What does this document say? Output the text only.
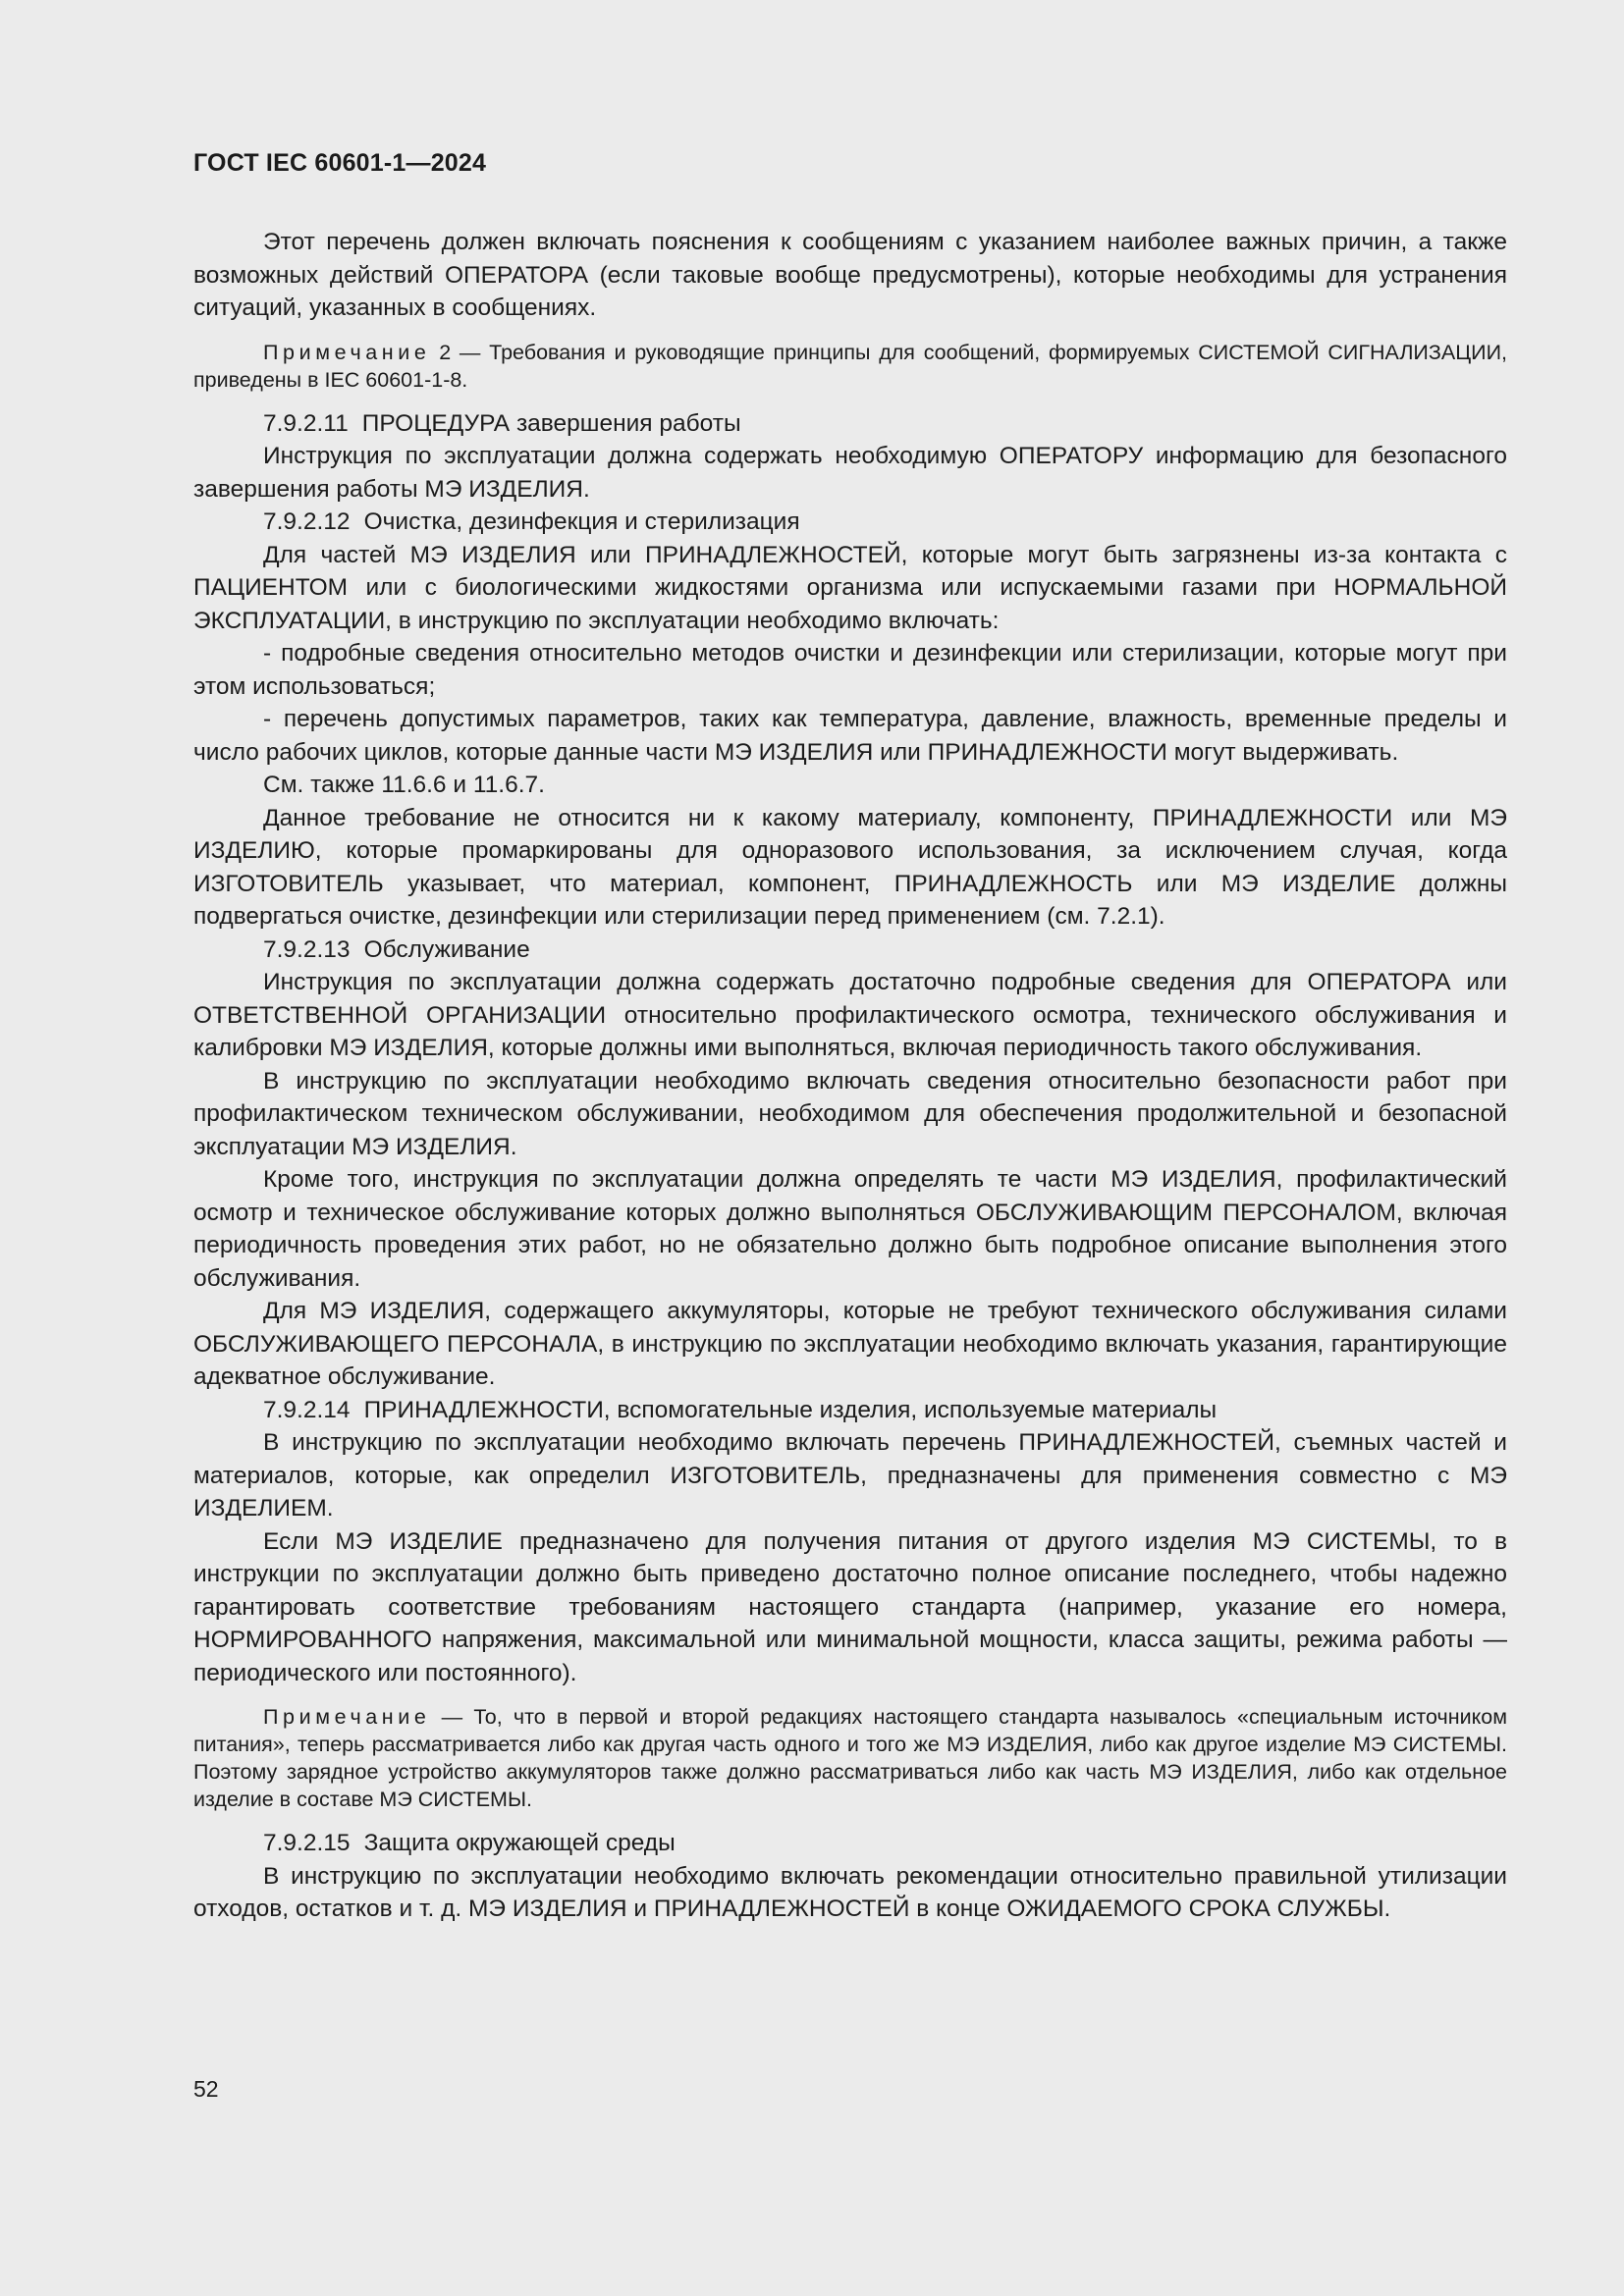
ГОСТ IEC 60601-1—2024

Этот перечень должен включать пояснения к сообщениям с указанием наиболее важных причин, а также возможных действий ОПЕРАТОРА (если таковые вообще предусмотрены), которые необходимы для устранения ситуаций, указанных в сообщениях.

Примечание 2 — Требования и руководящие принципы для сообщений, формируемых СИСТЕМОЙ СИГНАЛИЗАЦИИ, приведены в IEC 60601-1-8.

7.9.2.11 ПРОЦЕДУРА завершения работы

Инструкция по эксплуатации должна содержать необходимую ОПЕРАТОРУ информацию для безопасного завершения работы МЭ ИЗДЕЛИЯ.

7.9.2.12 Очистка, дезинфекция и стерилизация

Для частей МЭ ИЗДЕЛИЯ или ПРИНАДЛЕЖНОСТЕЙ, которые могут быть загрязнены из-за контакта с ПАЦИЕНТОМ или с биологическими жидкостями организма или испускаемыми газами при НОРМАЛЬНОЙ ЭКСПЛУАТАЦИИ, в инструкцию по эксплуатации необходимо включать:

- подробные сведения относительно методов очистки и дезинфекции или стерилизации, которые могут при этом использоваться;

- перечень допустимых параметров, таких как температура, давление, влажность, временные пределы и число рабочих циклов, которые данные части МЭ ИЗДЕЛИЯ или ПРИНАДЛЕЖНОСТИ могут выдерживать.

См. также 11.6.6 и 11.6.7.

Данное требование не относится ни к какому материалу, компоненту, ПРИНАДЛЕЖНОСТИ или МЭ ИЗДЕЛИЮ, которые промаркированы для одноразового использования, за исключением случая, когда ИЗГОТОВИТЕЛЬ указывает, что материал, компонент, ПРИНАДЛЕЖНОСТЬ или МЭ ИЗДЕЛИЕ должны подвергаться очистке, дезинфекции или стерилизации перед применением (см. 7.2.1).

7.9.2.13 Обслуживание

Инструкция по эксплуатации должна содержать достаточно подробные сведения для ОПЕРАТОРА или ОТВЕТСТВЕННОЙ ОРГАНИЗАЦИИ относительно профилактического осмотра, технического обслуживания и калибровки МЭ ИЗДЕЛИЯ, которые должны ими выполняться, включая периодичность такого обслуживания.

В инструкцию по эксплуатации необходимо включать сведения относительно безопасности работ при профилактическом техническом обслуживании, необходимом для обеспечения продолжительной и безопасной эксплуатации МЭ ИЗДЕЛИЯ.

Кроме того, инструкция по эксплуатации должна определять те части МЭ ИЗДЕЛИЯ, профилактический осмотр и техническое обслуживание которых должно выполняться ОБСЛУЖИВАЮЩИМ ПЕРСОНАЛОМ, включая периодичность проведения этих работ, но не обязательно должно быть подробное описание выполнения этого обслуживания.

Для МЭ ИЗДЕЛИЯ, содержащего аккумуляторы, которые не требуют технического обслуживания силами ОБСЛУЖИВАЮЩЕГО ПЕРСОНАЛА, в инструкцию по эксплуатации необходимо включать указания, гарантирующие адекватное обслуживание.

7.9.2.14 ПРИНАДЛЕЖНОСТИ, вспомогательные изделия, используемые материалы

В инструкцию по эксплуатации необходимо включать перечень ПРИНАДЛЕЖНОСТЕЙ, съемных частей и материалов, которые, как определил ИЗГОТОВИТЕЛЬ, предназначены для применения совместно с МЭ ИЗДЕЛИЕМ.

Если МЭ ИЗДЕЛИЕ предназначено для получения питания от другого изделия МЭ СИСТЕМЫ, то в инструкции по эксплуатации должно быть приведено достаточно полное описание последнего, чтобы надежно гарантировать соответствие требованиям настоящего стандарта (например, указание его номера, НОРМИРОВАННОГО напряжения, максимальной или минимальной мощности, класса защиты, режима работы — периодического или постоянного).

Примечание — То, что в первой и второй редакциях настоящего стандарта называлось «специальным источником питания», теперь рассматривается либо как другая часть одного и того же МЭ ИЗДЕЛИЯ, либо как другое изделие МЭ СИСТЕМЫ. Поэтому зарядное устройство аккумуляторов также должно рассматриваться либо как часть МЭ ИЗДЕЛИЯ, либо как отдельное изделие в составе МЭ СИСТЕМЫ.

7.9.2.15 Защита окружающей среды

В инструкцию по эксплуатации необходимо включать рекомендации относительно правильной утилизации отходов, остатков и т. д. МЭ ИЗДЕЛИЯ и ПРИНАДЛЕЖНОСТЕЙ в конце ОЖИДАЕМОГО СРОКА СЛУЖБЫ.

52
